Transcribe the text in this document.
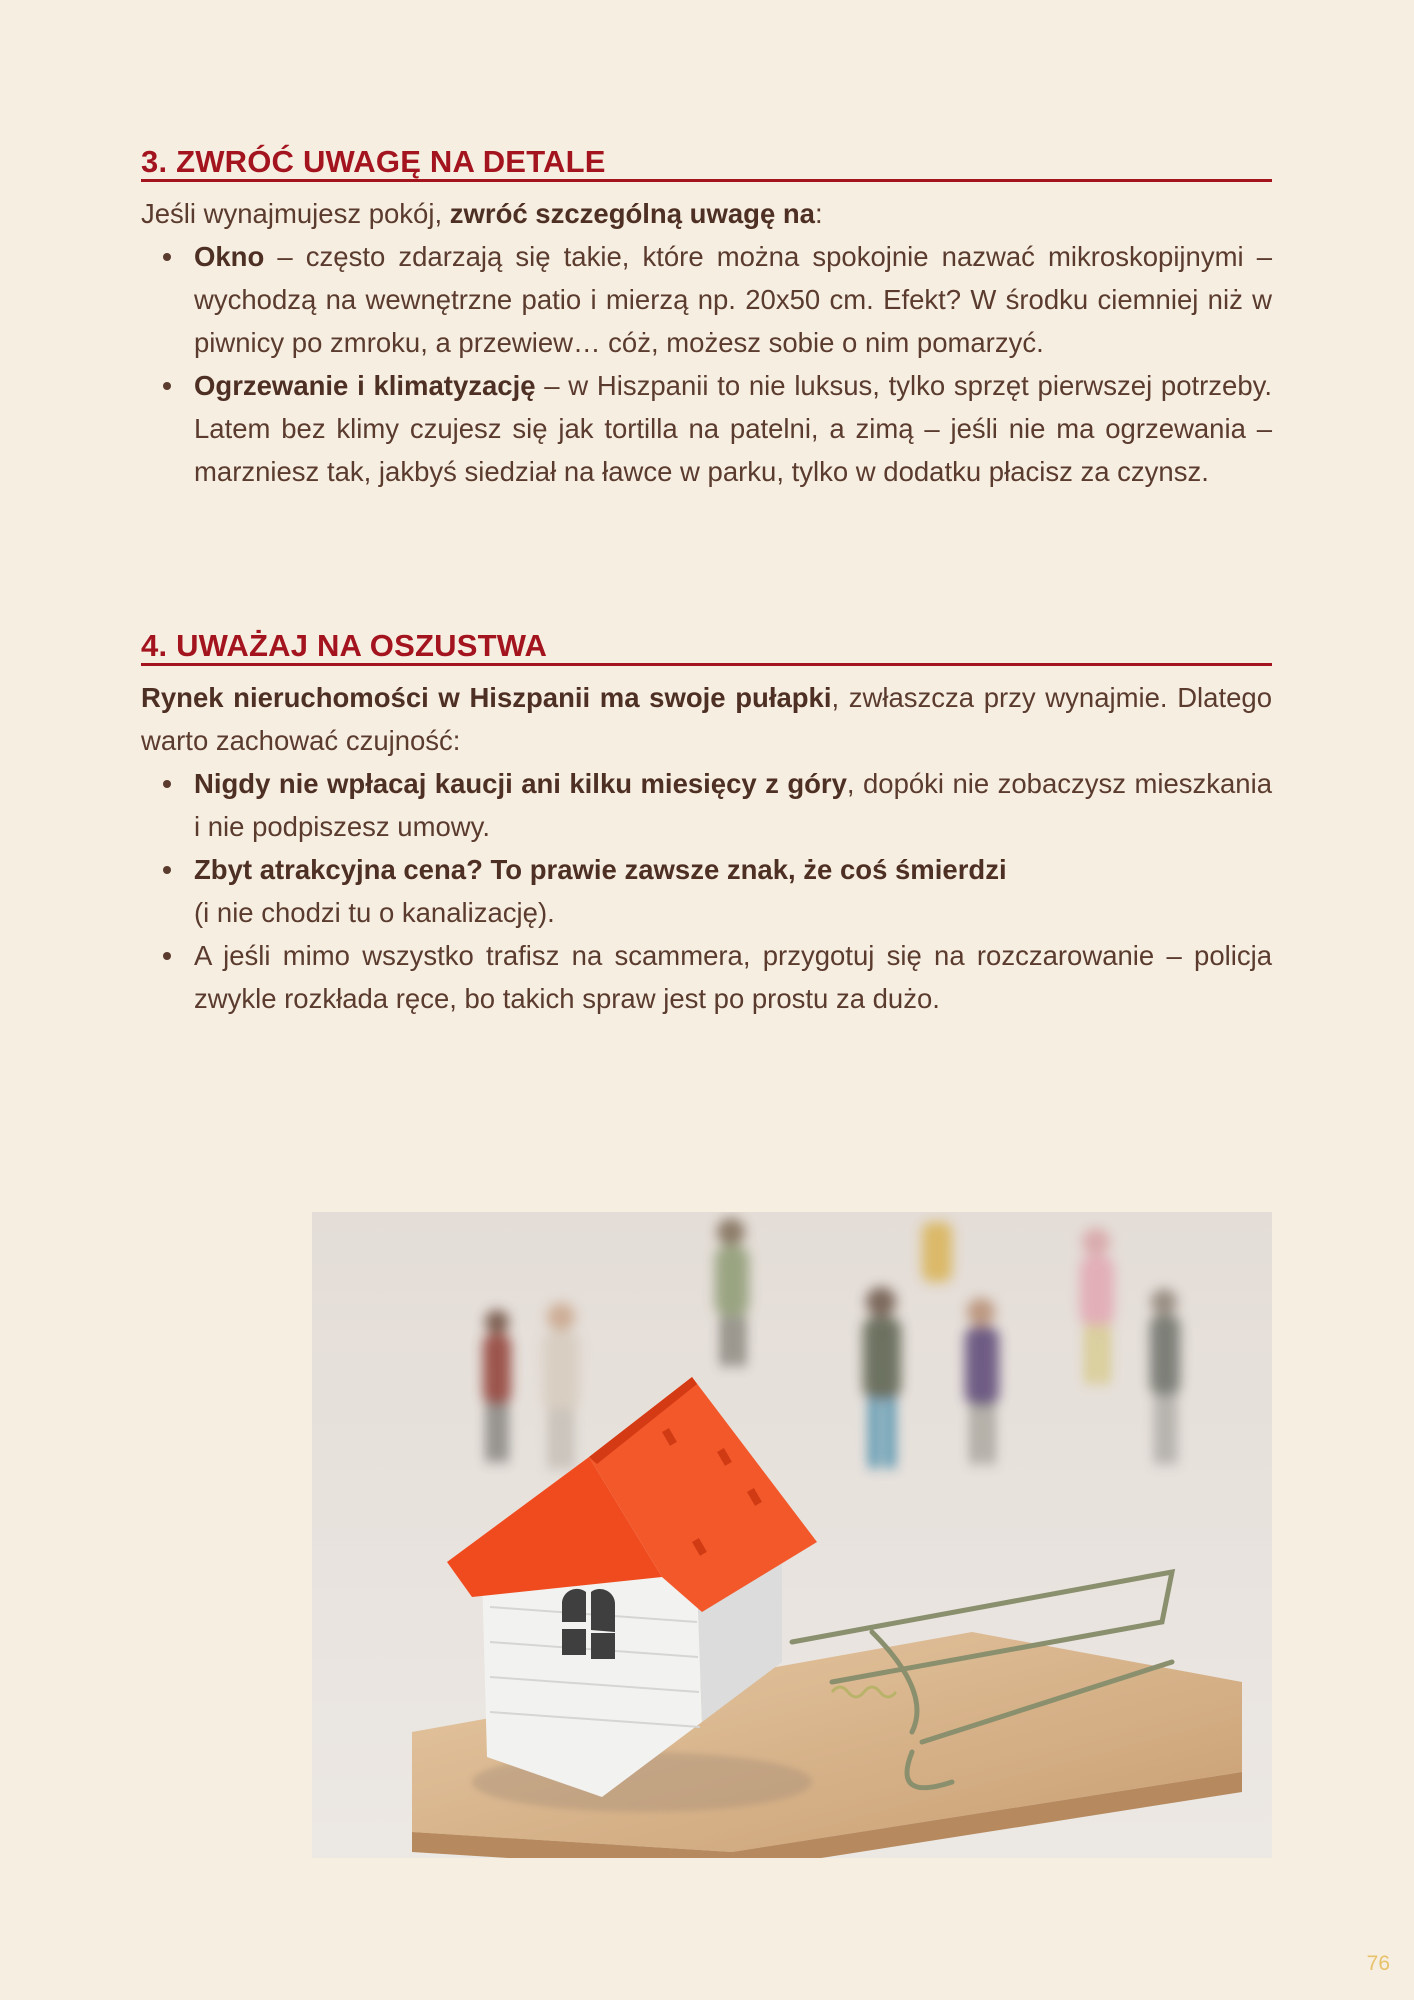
3. ZWRÓĆ UWAGĘ NA DETALE

Jeśli wynajmujesz pokój, zwróć szczególną uwagę na:

Okno – często zdarzają się takie, które można spokojnie nazwać mikroskopijnymi – wychodzą na wewnętrzne patio i mierzą np. 20x50 cm. Efekt? W środku ciemniej niż w piwnicy po zmroku, a przewiew… cóż, możesz sobie o nim pomarzyć.
Ogrzewanie i klimatyzację – w Hiszpanii to nie luksus, tylko sprzęt pierwszej potrzeby. Latem bez klimy czujesz się jak tortilla na patelni, a zimą – jeśli nie ma ogrzewania – marzniesz tak, jakbyś siedział na ławce w parku, tylko w dodatku płacisz za czynsz.
4. UWAŻAJ NA OSZUSTWA

Rynek nieruchomości w Hiszpanii ma swoje pułapki, zwłaszcza przy wynajmie. Dlatego warto zachować czujność:

Nigdy nie wpłacaj kaucji ani kilku miesięcy z góry, dopóki nie zobaczysz mieszkania i nie podpiszesz umowy.
Zbyt atrakcyjna cena? To prawie zawsze znak, że coś śmierdzi
(i nie chodzi tu o kanalizację).
A jeśli mimo wszystko trafisz na scammera, przygotuj się na rozczarowanie – policja zwykle rozkłada ręce, bo takich spraw jest po prostu za dużo.
76
